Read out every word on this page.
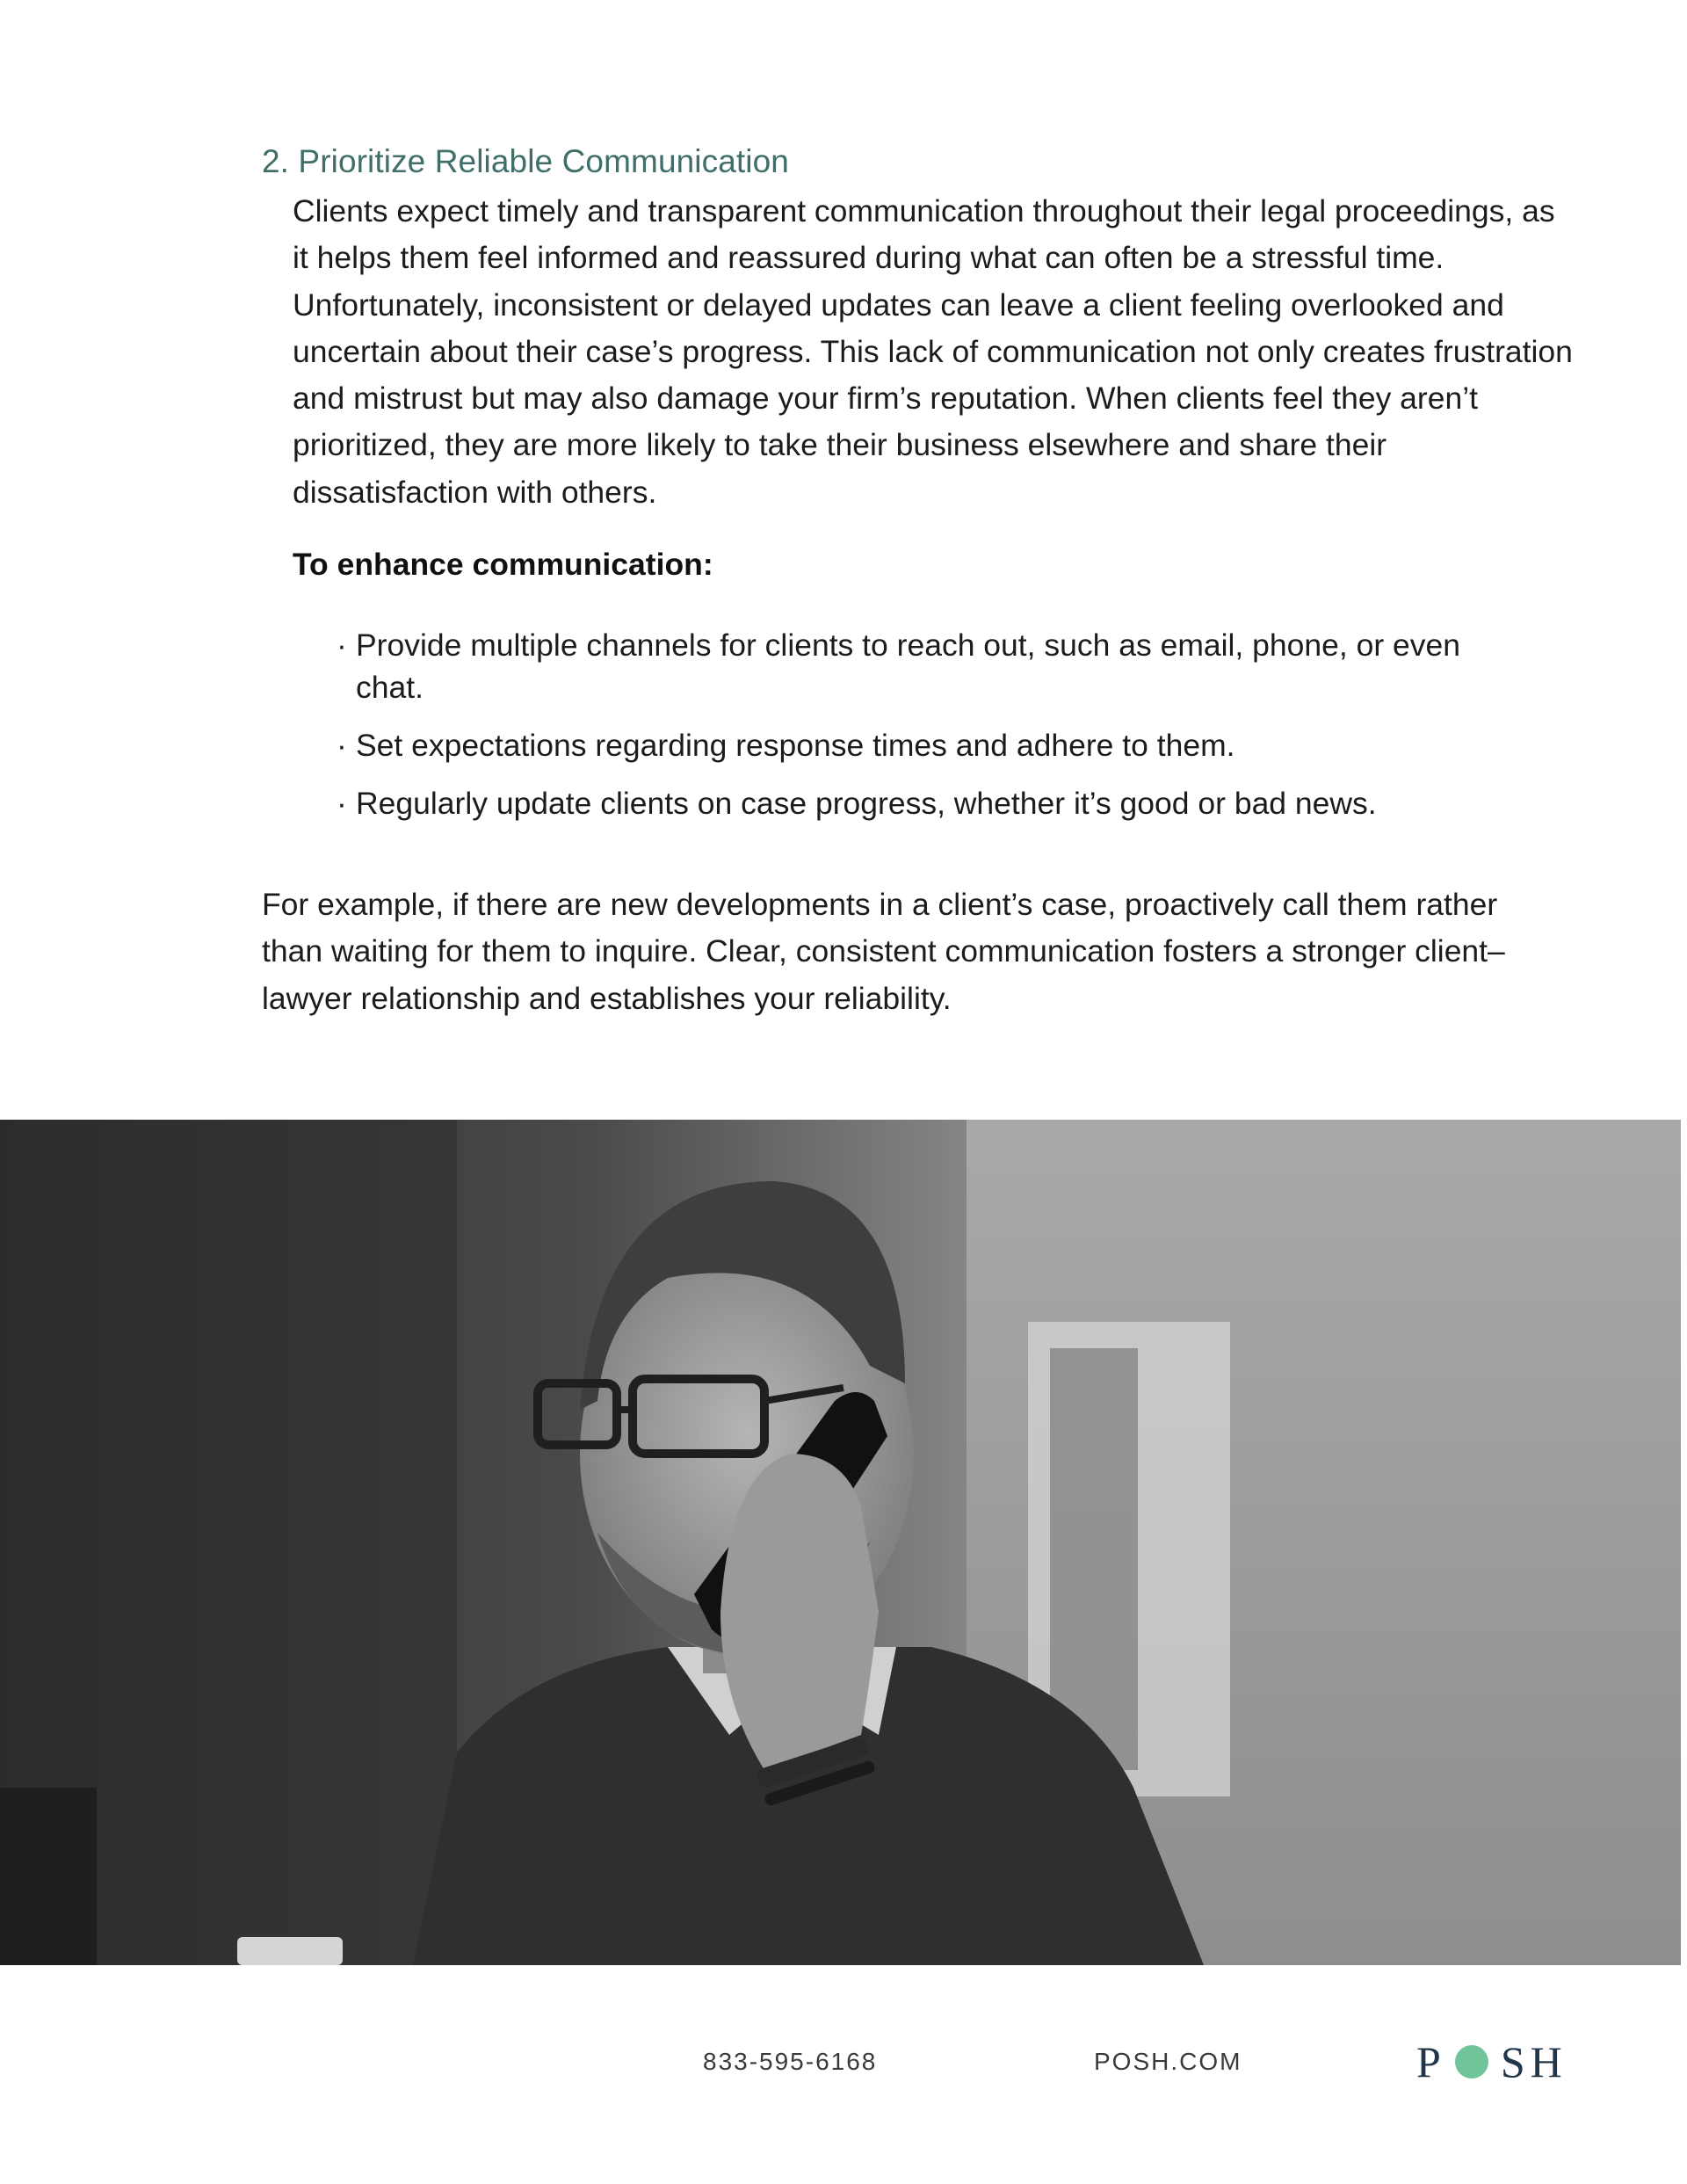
2. Prioritize Reliable Communication

Clients expect timely and transparent communication throughout their legal proceedings, as it helps them feel informed and reassured during what can often be a stressful time. Unfortunately, inconsistent or delayed updates can leave a client feeling overlooked and uncertain about their case’s progress. This lack of communication not only creates frustration and mistrust but may also damage your firm’s reputation. When clients feel they aren’t prioritized, they are more likely to take their business elsewhere and share their dissatisfaction with others.

To enhance communication:
· Provide multiple channels for clients to reach out, such as email, phone, or even chat.
· Set expectations regarding response times and adhere to them.
· Regularly update clients on case progress, whether it’s good or bad news.

For example, if there are new developments in a client’s case, proactively call them rather than waiting for them to inquire. Clear, consistent communication fosters a stronger client–lawyer relationship and establishes your reliability.

833-595-6168	POSH.COM	P S H
